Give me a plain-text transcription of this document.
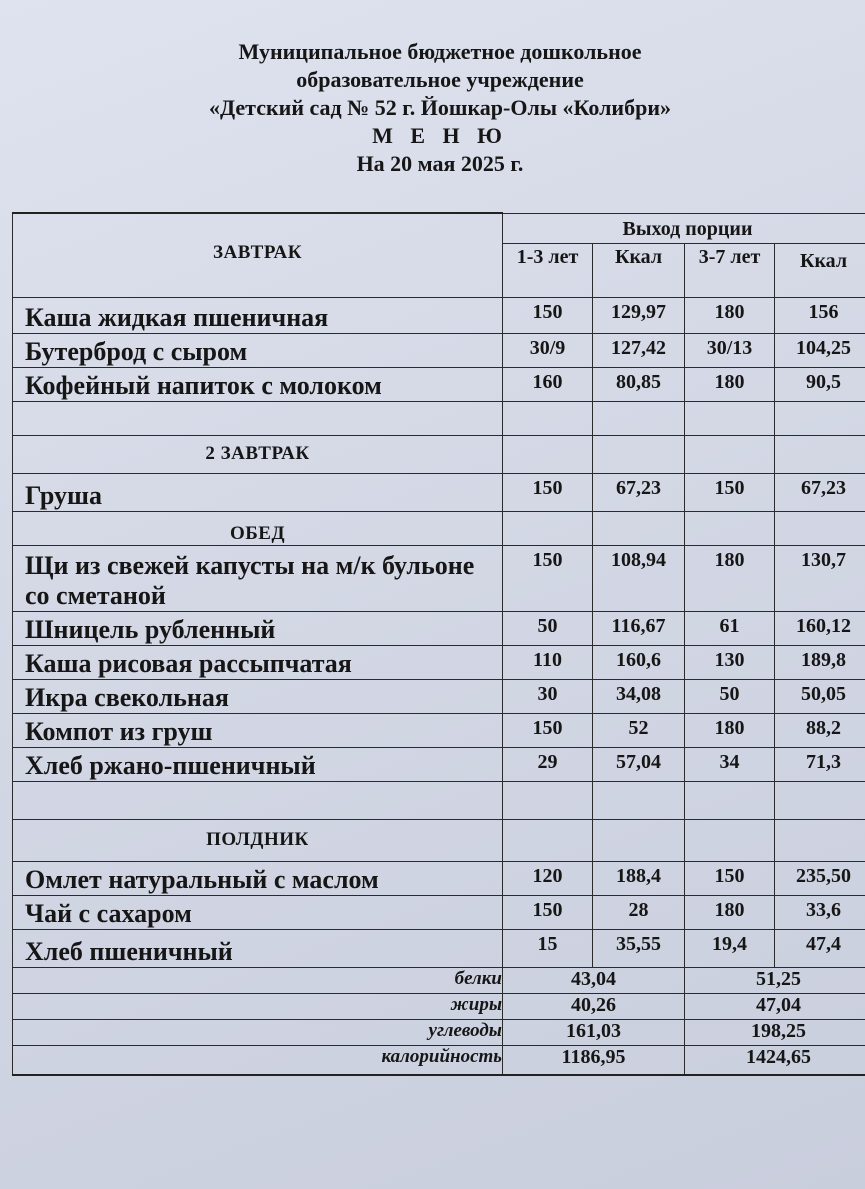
Муниципальное бюджетное дошкольное
образовательное учреждение
«Детский сад № 52 г. Йошкар-Олы «Колибри»
М Е Н Ю
На 20 мая 2025 г.
ЗАВТРАК	Выход порции			
	1-3 лет	Ккал	3-7 лет	Ккал
Каша жидкая пшеничная	150	129,97	180	156
Бутерброд с сыром	30/9	127,42	30/13	104,25
Кофейный напиток с молоком	160	80,85	180	90,5

2 ЗАВТРАК				
Груша	150	67,23	150	67,23
ОБЕД				
Щи из свежей капусты на м/к бульоне со сметаной	150	108,94	180	130,7
Шницель рубленный	50	116,67	61	160,12
Каша рисовая рассыпчатая	110	160,6	130	189,8
Икра свекольная	30	34,08	50	50,05
Компот из груш	150	52	180	88,2
Хлеб ржано-пшеничный	29	57,04	34	71,3

ПОЛДНИК				
Омлет натуральный с маслом	120	188,4	150	235,50
Чай с сахаром	150	28	180	33,6
Хлеб пшеничный	15	35,55	19,4	47,4
белки	43,04		51,25	
жиры	40,26		47,04	
углеводы	161,03		198,25	
калорийность	1186,95		1424,65	
